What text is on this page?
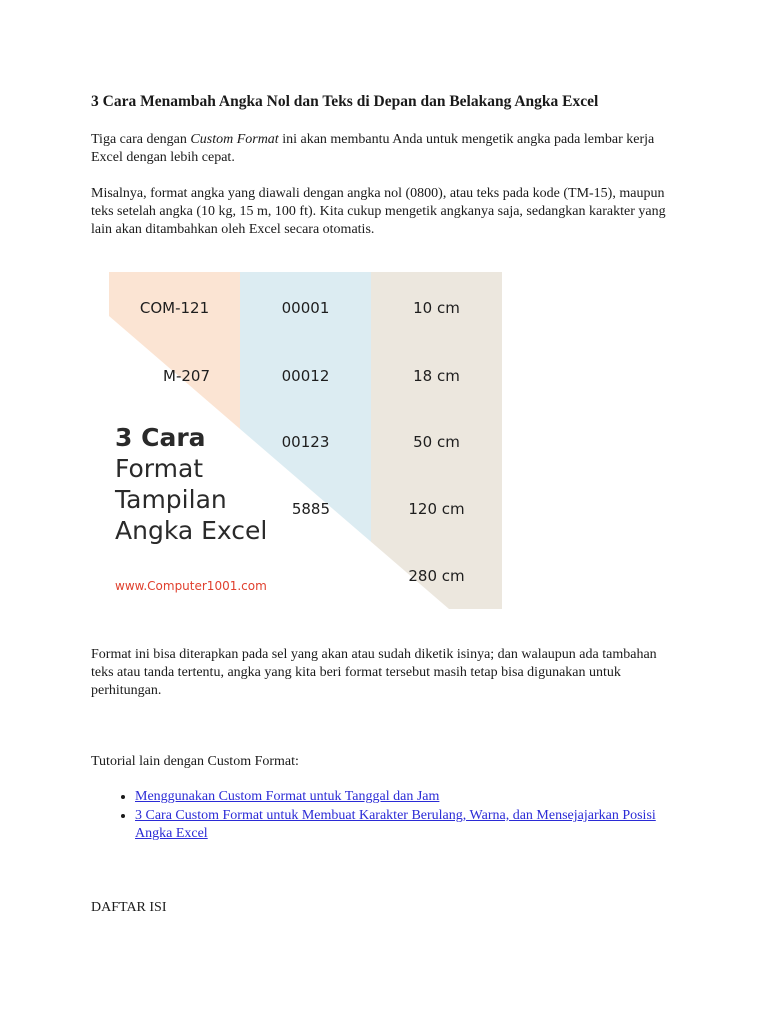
3 Cara Menambah Angka Nol dan Teks di Depan dan Belakang Angka Excel

Tiga cara dengan Custom Format ini akan membantu Anda untuk mengetik angka pada lembar kerja Excel dengan lebih cepat.

Misalnya, format angka yang diawali dengan angka nol (0800), atau teks pada kode (TM-15), maupun teks setelah angka (10 kg, 15 m, 100 ft). Kita cukup mengetik angkanya saja, sedangkan karakter yang lain akan ditambahkan oleh Excel secara otomatis.

COM-121
M-207
00001
00012
00123
5885
10 cm
18 cm
50 cm
120 cm
280 cm
3 Cara
Format
Tampilan
Angka Excel
www.Computer1001.com

Format ini bisa diterapkan pada sel yang akan atau sudah diketik isinya; dan walaupun ada tambahan teks atau tanda tertentu, angka yang kita beri format tersebut masih tetap bisa digunakan untuk perhitungan.

Tutorial lain dengan Custom Format:

• Menggunakan Custom Format untuk Tanggal dan Jam
• 3 Cara Custom Format untuk Membuat Karakter Berulang, Warna, dan Mensejajarkan Posisi Angka Excel

DAFTAR ISI
